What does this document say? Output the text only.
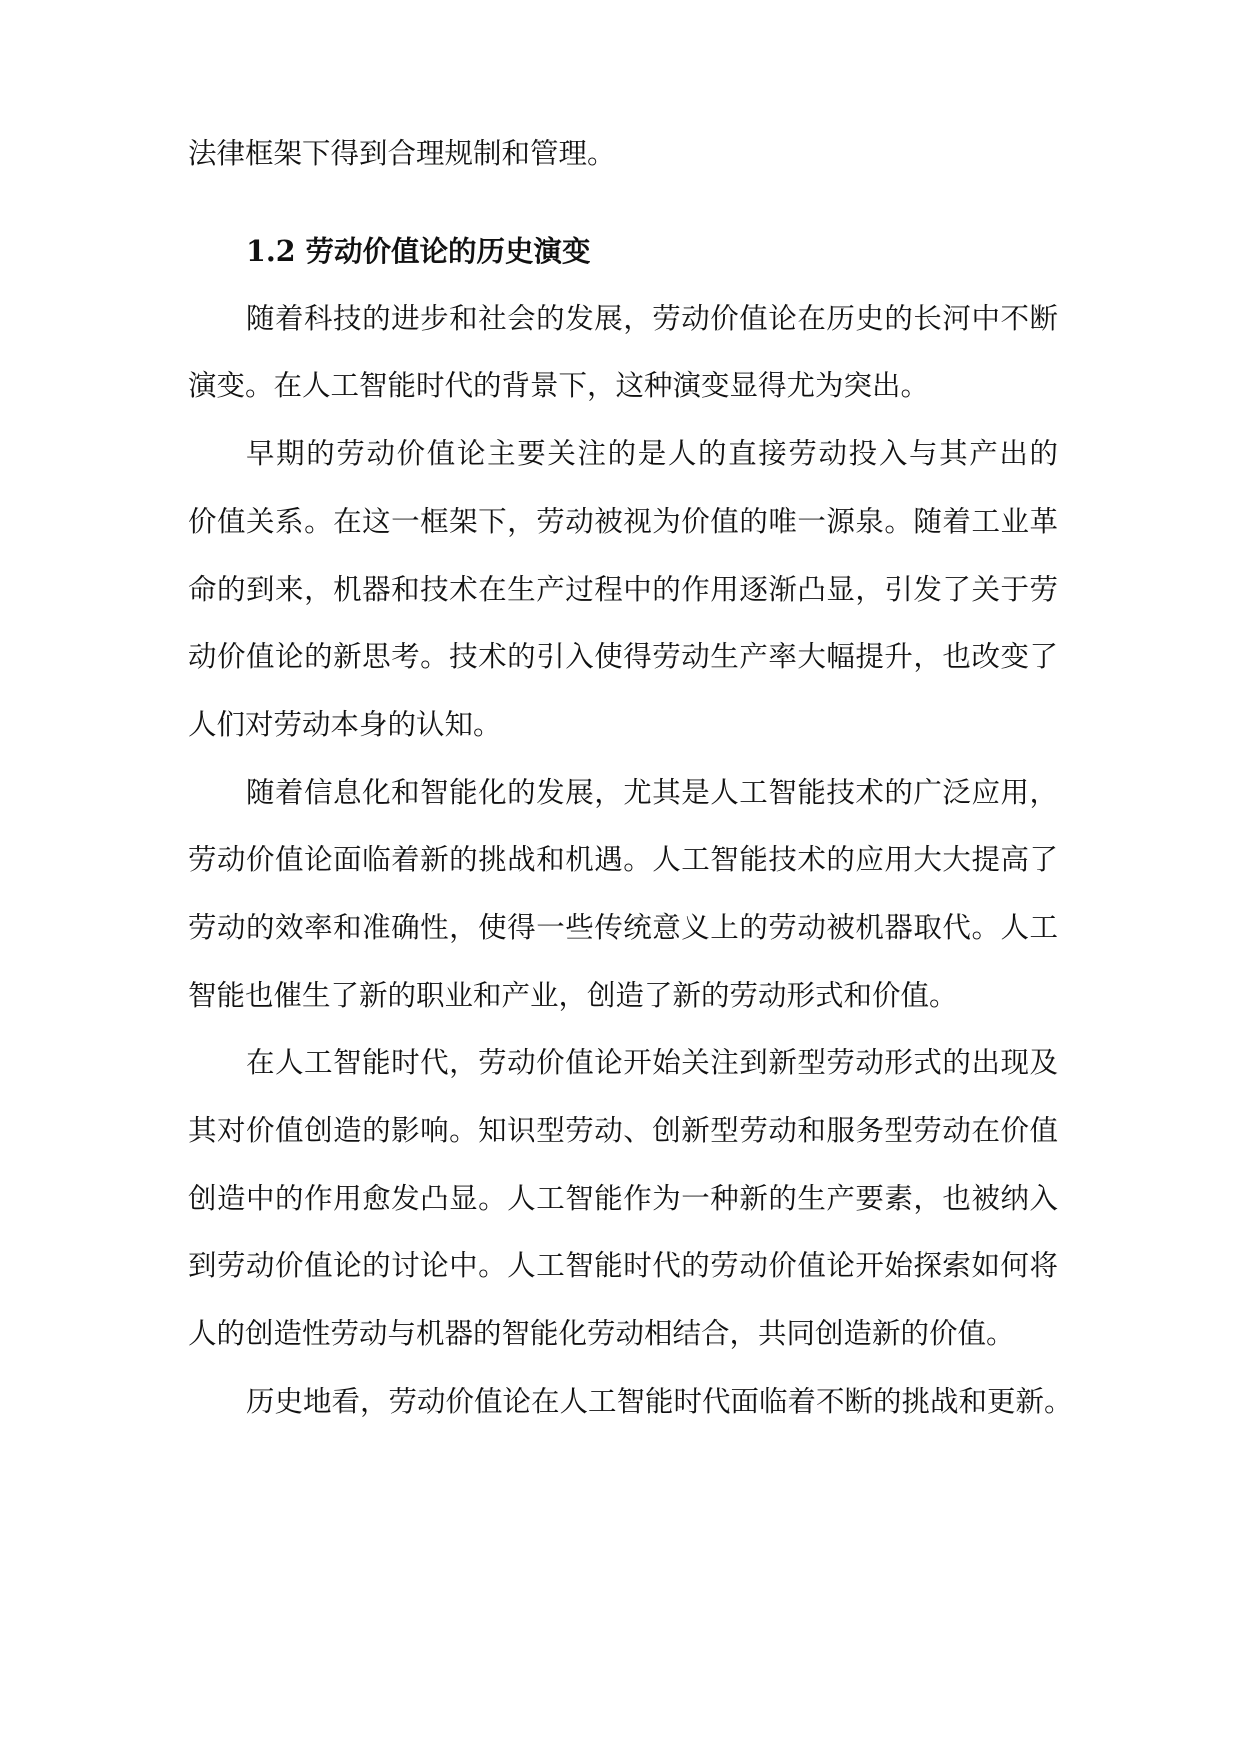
法律框架下得到合理规制和管理。
1.2 劳动价值论的历史演变
随着科技的进步和社会的发展，劳动价值论在历史的长河中不断
演变。在人工智能时代的背景下，这种演变显得尤为突出。
早期的劳动价值论主要关注的是人的直接劳动投入与其产出的
价值关系。在这一框架下，劳动被视为价值的唯一源泉。随着工业革
命的到来，机器和技术在生产过程中的作用逐渐凸显，引发了关于劳
动价值论的新思考。技术的引入使得劳动生产率大幅提升，也改变了
人们对劳动本身的认知。
随着信息化和智能化的发展，尤其是人工智能技术的广泛应用，
劳动价值论面临着新的挑战和机遇。人工智能技术的应用大大提高了
劳动的效率和准确性，使得一些传统意义上的劳动被机器取代。人工
智能也催生了新的职业和产业，创造了新的劳动形式和价值。
在人工智能时代，劳动价值论开始关注到新型劳动形式的出现及
其对价值创造的影响。知识型劳动、创新型劳动和服务型劳动在价值
创造中的作用愈发凸显。人工智能作为一种新的生产要素，也被纳入
到劳动价值论的讨论中。人工智能时代的劳动价值论开始探索如何将
人的创造性劳动与机器的智能化劳动相结合，共同创造新的价值。
历史地看，劳动价值论在人工智能时代面临着不断的挑战和更新。
